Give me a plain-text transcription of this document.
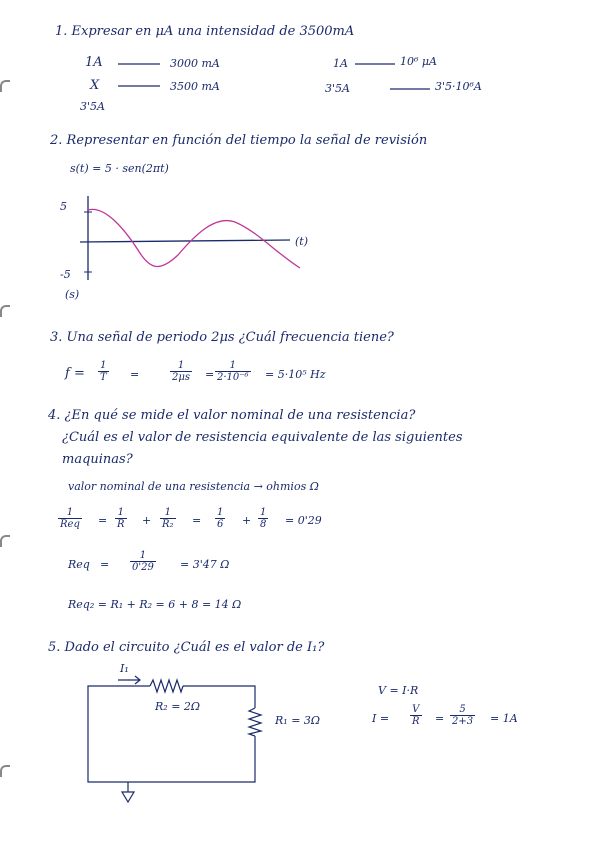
1. Expresar en μA una intensidad de 3500mA
1A	3000 mA
X	3500 mA
3'5A
1A	10⁶ μA
3'5A	3'5·10⁶A
2. Representar en función del tiempo la señal de revisión
s(t) = 5 · sen(2πt)
5
-5
(t)
(s)
3. Una señal de periodo 2μs ¿Cuál frecuencia tiene?
$f = \frac{1}{T}$ =	$\frac{1}{2\mu s} = \frac{1}{\text{2·10⁻⁶}} = 5\cdot 10^5$ Hz
4. ¿En qué se mide el valor nominal de una resistencia?
¿Cuál es el valor de resistencia equivalente de las siguientes
maquinas?
valor nominal de una resistencia → ohmios Ω
1
Req = $\frac{1}{R} + \frac{1}{\text{R₂}} = \frac{1}{6} + \frac{1}{8} = 0'29$
Req = $\frac{1}{0'29} = 3'47$ Ω
Req₂ = R₁ + R₂ = 6 + 8 = 14 Ω
5. Dado el circuito ¿Cuál es el valor de I₁?
I₁
R₂ = 2Ω
R₁ = 3Ω
V = I·R
$I = \frac{V}{R} = \frac{5}{2+3} = 1A$
